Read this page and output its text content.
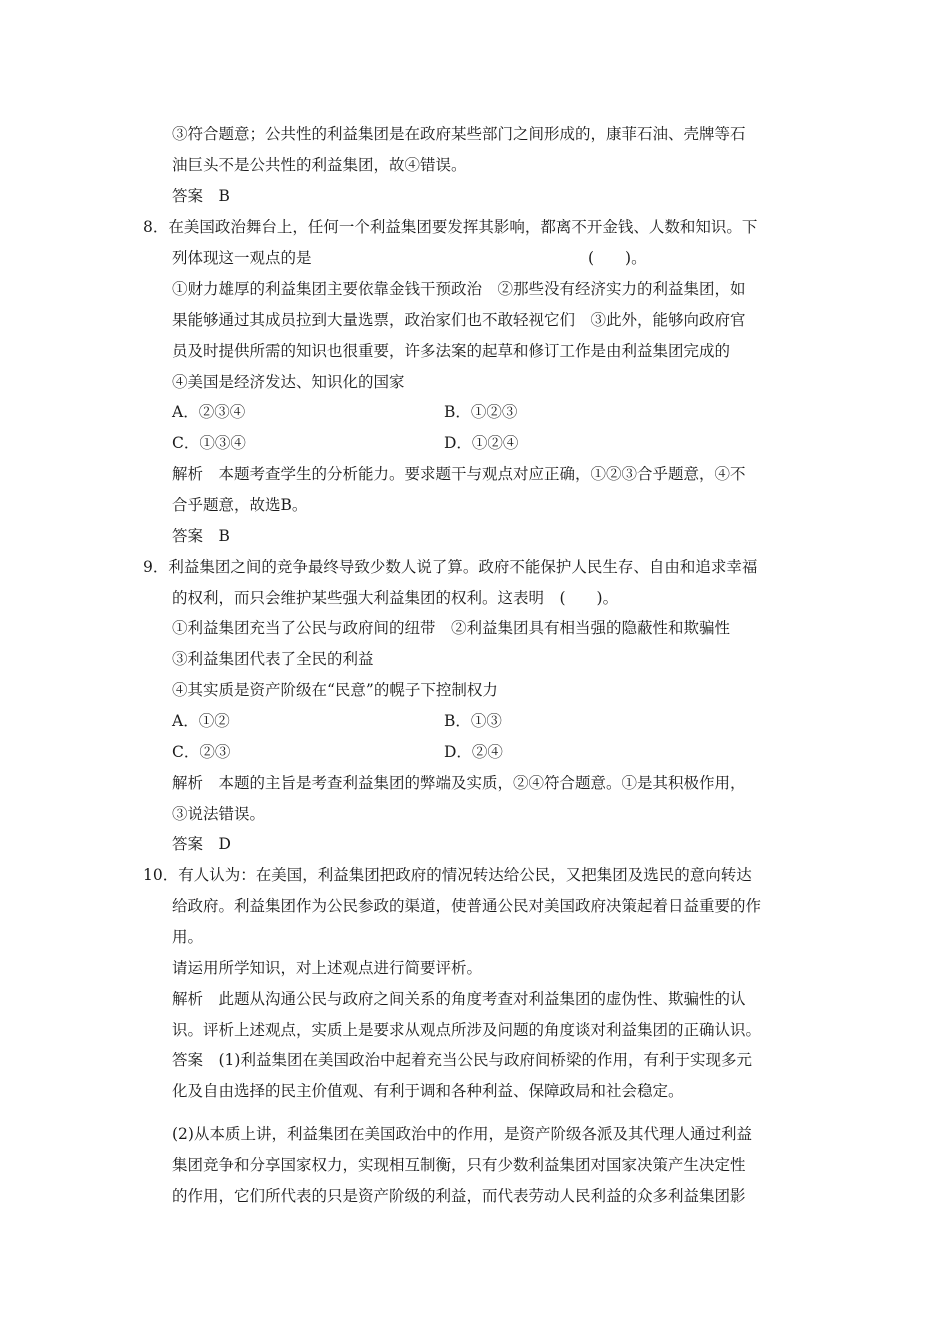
③符合题意；公共性的利益集团是在政府某些部门之间形成的，康菲石油、壳牌等石
油巨头不是公共性的利益集团，故④错误。
答案　B
8．在美国政治舞台上，任何一个利益集团要发挥其影响，都离不开金钱、人数和知识。下
列体现这一观点的是	(　　)。
①财力雄厚的利益集团主要依靠金钱干预政治　②那些没有经济实力的利益集团，如
果能够通过其成员拉到大量选票，政治家们也不敢轻视它们　③此外，能够向政府官
员及时提供所需的知识也很重要，许多法案的起草和修订工作是由利益集团完成的
④美国是经济发达、知识化的国家
A．②③④	B．①②③
C．①③④	D．①②④
解析　本题考查学生的分析能力。要求题干与观点对应正确，①②③合乎题意，④不
合乎题意，故选B。
答案　B
9．利益集团之间的竞争最终导致少数人说了算。政府不能保护人民生存、自由和追求幸福
的权利，而只会维护某些强大利益集团的权利。这表明　(　　)。
①利益集团充当了公民与政府间的纽带　②利益集团具有相当强的隐蔽性和欺骗性
③利益集团代表了全民的利益
④其实质是资产阶级在“民意”的幌子下控制权力
A．①②	B．①③
C．②③	D．②④
解析　本题的主旨是考查利益集团的弊端及实质，②④符合题意。①是其积极作用，
③说法错误。
答案　D
10．有人认为：在美国，利益集团把政府的情况转达给公民，又把集团及选民的意向转达
给政府。利益集团作为公民参政的渠道，使普通公民对美国政府决策起着日益重要的作
用。
请运用所学知识，对上述观点进行简要评析。
解析　此题从沟通公民与政府之间关系的角度考查对利益集团的虚伪性、欺骗性的认
识。评析上述观点，实质上是要求从观点所涉及问题的角度谈对利益集团的正确认识。
答案　(1)利益集团在美国政治中起着充当公民与政府间桥梁的作用，有利于实现多元
化及自由选择的民主价值观、有利于调和各种利益、保障政局和社会稳定。
(2)从本质上讲，利益集团在美国政治中的作用，是资产阶级各派及其代理人通过利益
集团竞争和分享国家权力，实现相互制衡，只有少数利益集团对国家决策产生决定性
的作用，它们所代表的只是资产阶级的利益，而代表劳动人民利益的众多利益集团影
